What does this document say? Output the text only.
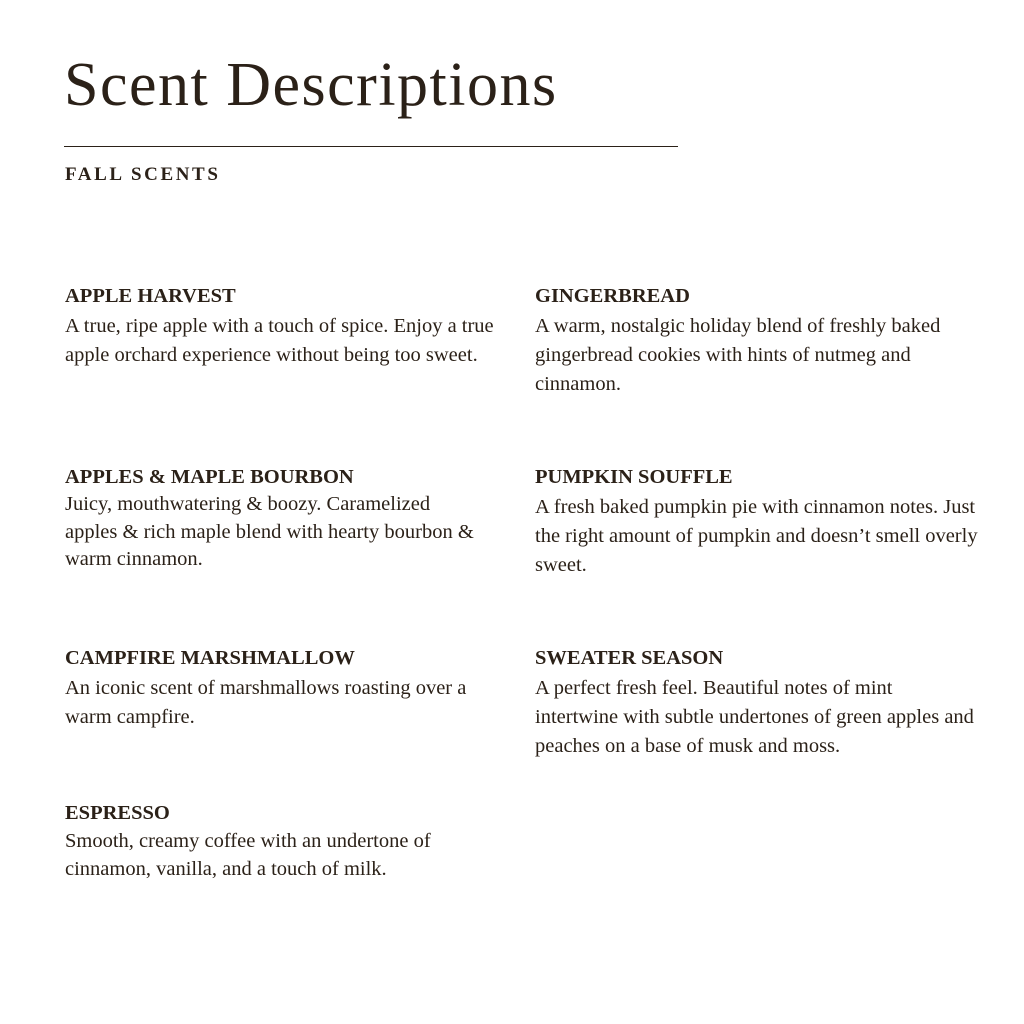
Scent Descriptions
FALL SCENTS
APPLE HARVEST

A true, ripe apple with a touch of spice. Enjoy a true apple orchard experience without being too sweet.

APPLES & MAPLE BOURBON

Juicy, mouthwatering & boozy. Caramelized apples & rich maple blend with hearty bourbon & warm cinnamon.

CAMPFIRE MARSHMALLOW

An iconic scent of marshmallows roasting over a warm campfire.

ESPRESSO

Smooth, creamy coffee with an undertone of cinnamon, vanilla, and a touch of milk.

GINGERBREAD

A warm, nostalgic holiday blend of freshly baked gingerbread cookies with hints of nutmeg and cinnamon.

PUMPKIN SOUFFLE

A fresh baked pumpkin pie with cinnamon notes. Just the right amount of pumpkin and doesn’t smell overly sweet.

SWEATER SEASON

A perfect fresh feel. Beautiful notes of mint intertwine with subtle undertones of green apples and peaches on a base of musk and moss.
